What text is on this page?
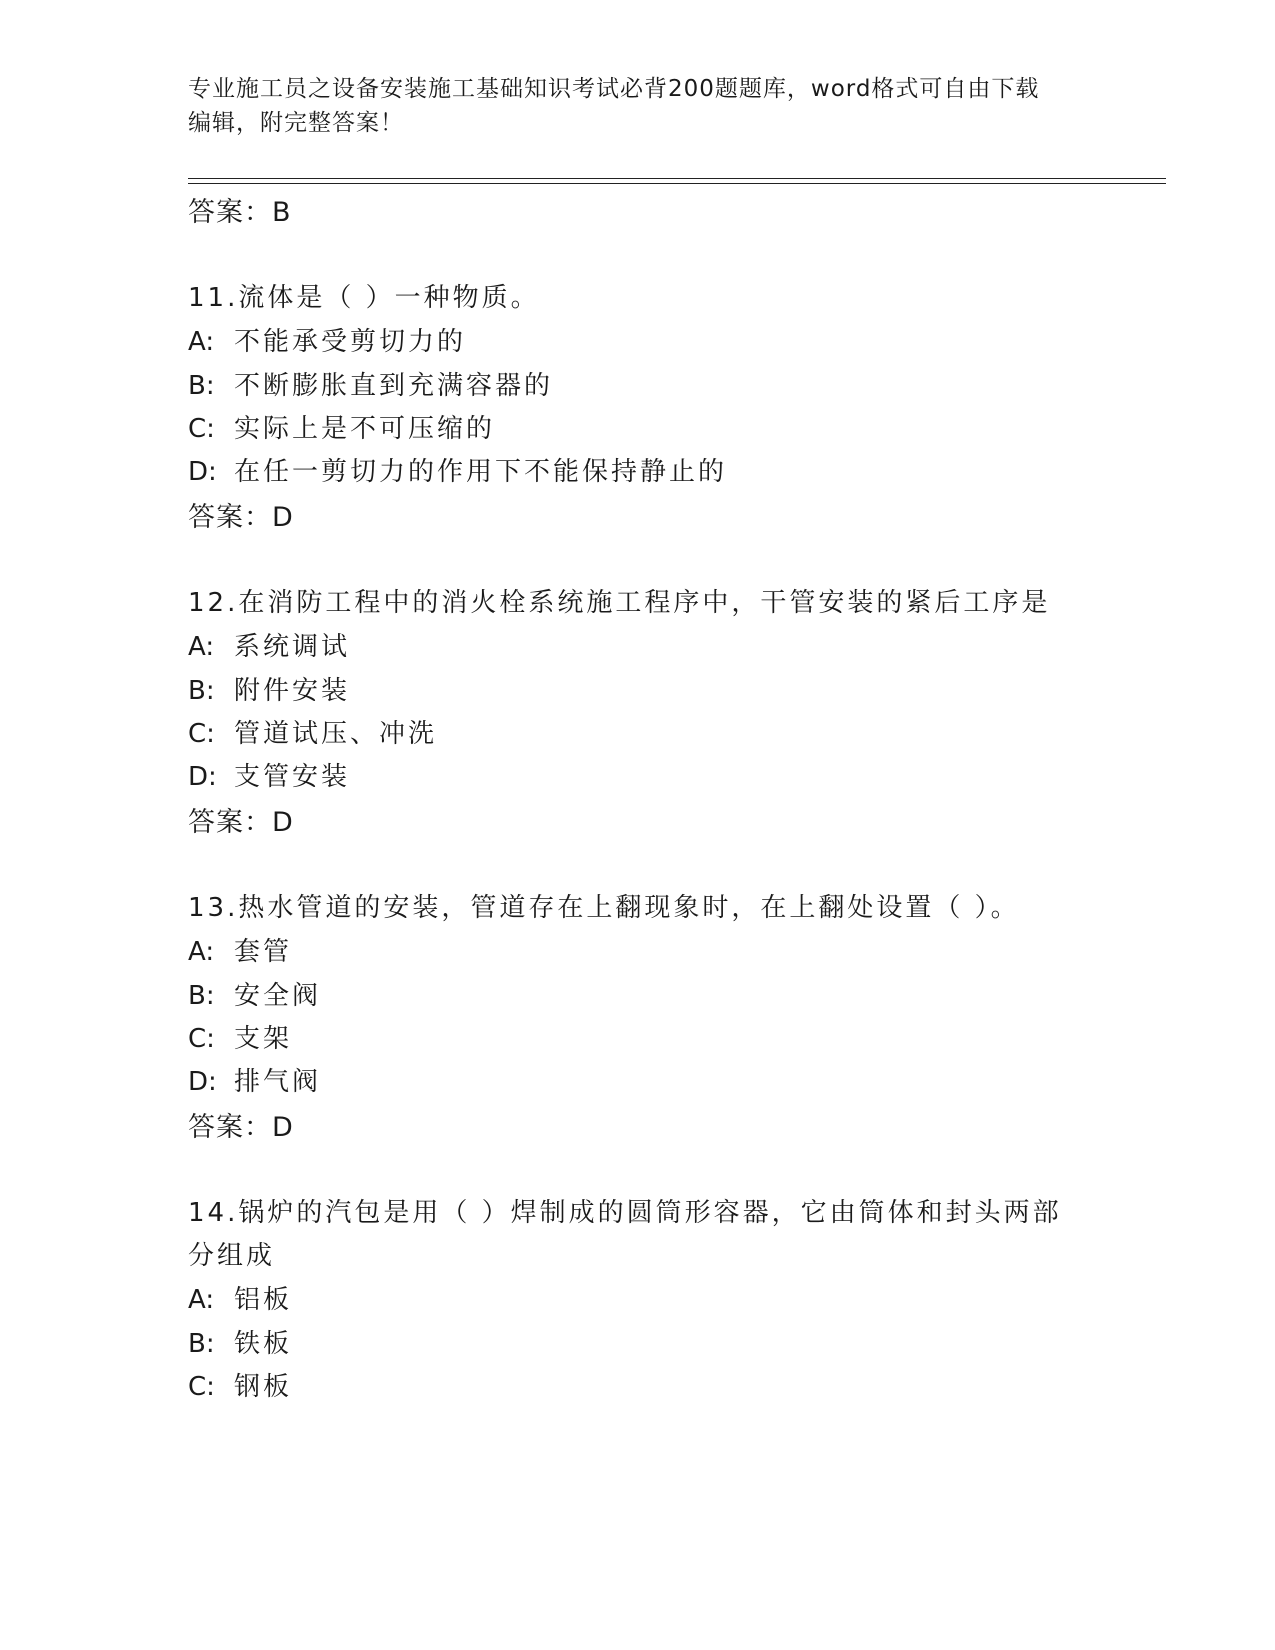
专业施工员之设备安装施工基础知识考试必背200题题库，word格式可自由下载
编辑，附完整答案！
答案：B
11.流体是（ ）一种物质。
A: 不能承受剪切力的
B: 不断膨胀直到充满容器的
C: 实际上是不可压缩的
D: 在任一剪切力的作用下不能保持静止的
答案：D
12.在消防工程中的消火栓系统施工程序中，干管安装的紧后工序是
A: 系统调试
B: 附件安装
C: 管道试压、冲洗
D: 支管安装
答案：D
13.热水管道的安装，管道存在上翻现象时，在上翻处设置（ ）。
A: 套管
B: 安全阀
C: 支架
D: 排气阀
答案：D
14.锅炉的汽包是用（ ）焊制成的圆筒形容器，它由筒体和封头两部
分组成
A: 铝板
B: 铁板
C: 钢板
